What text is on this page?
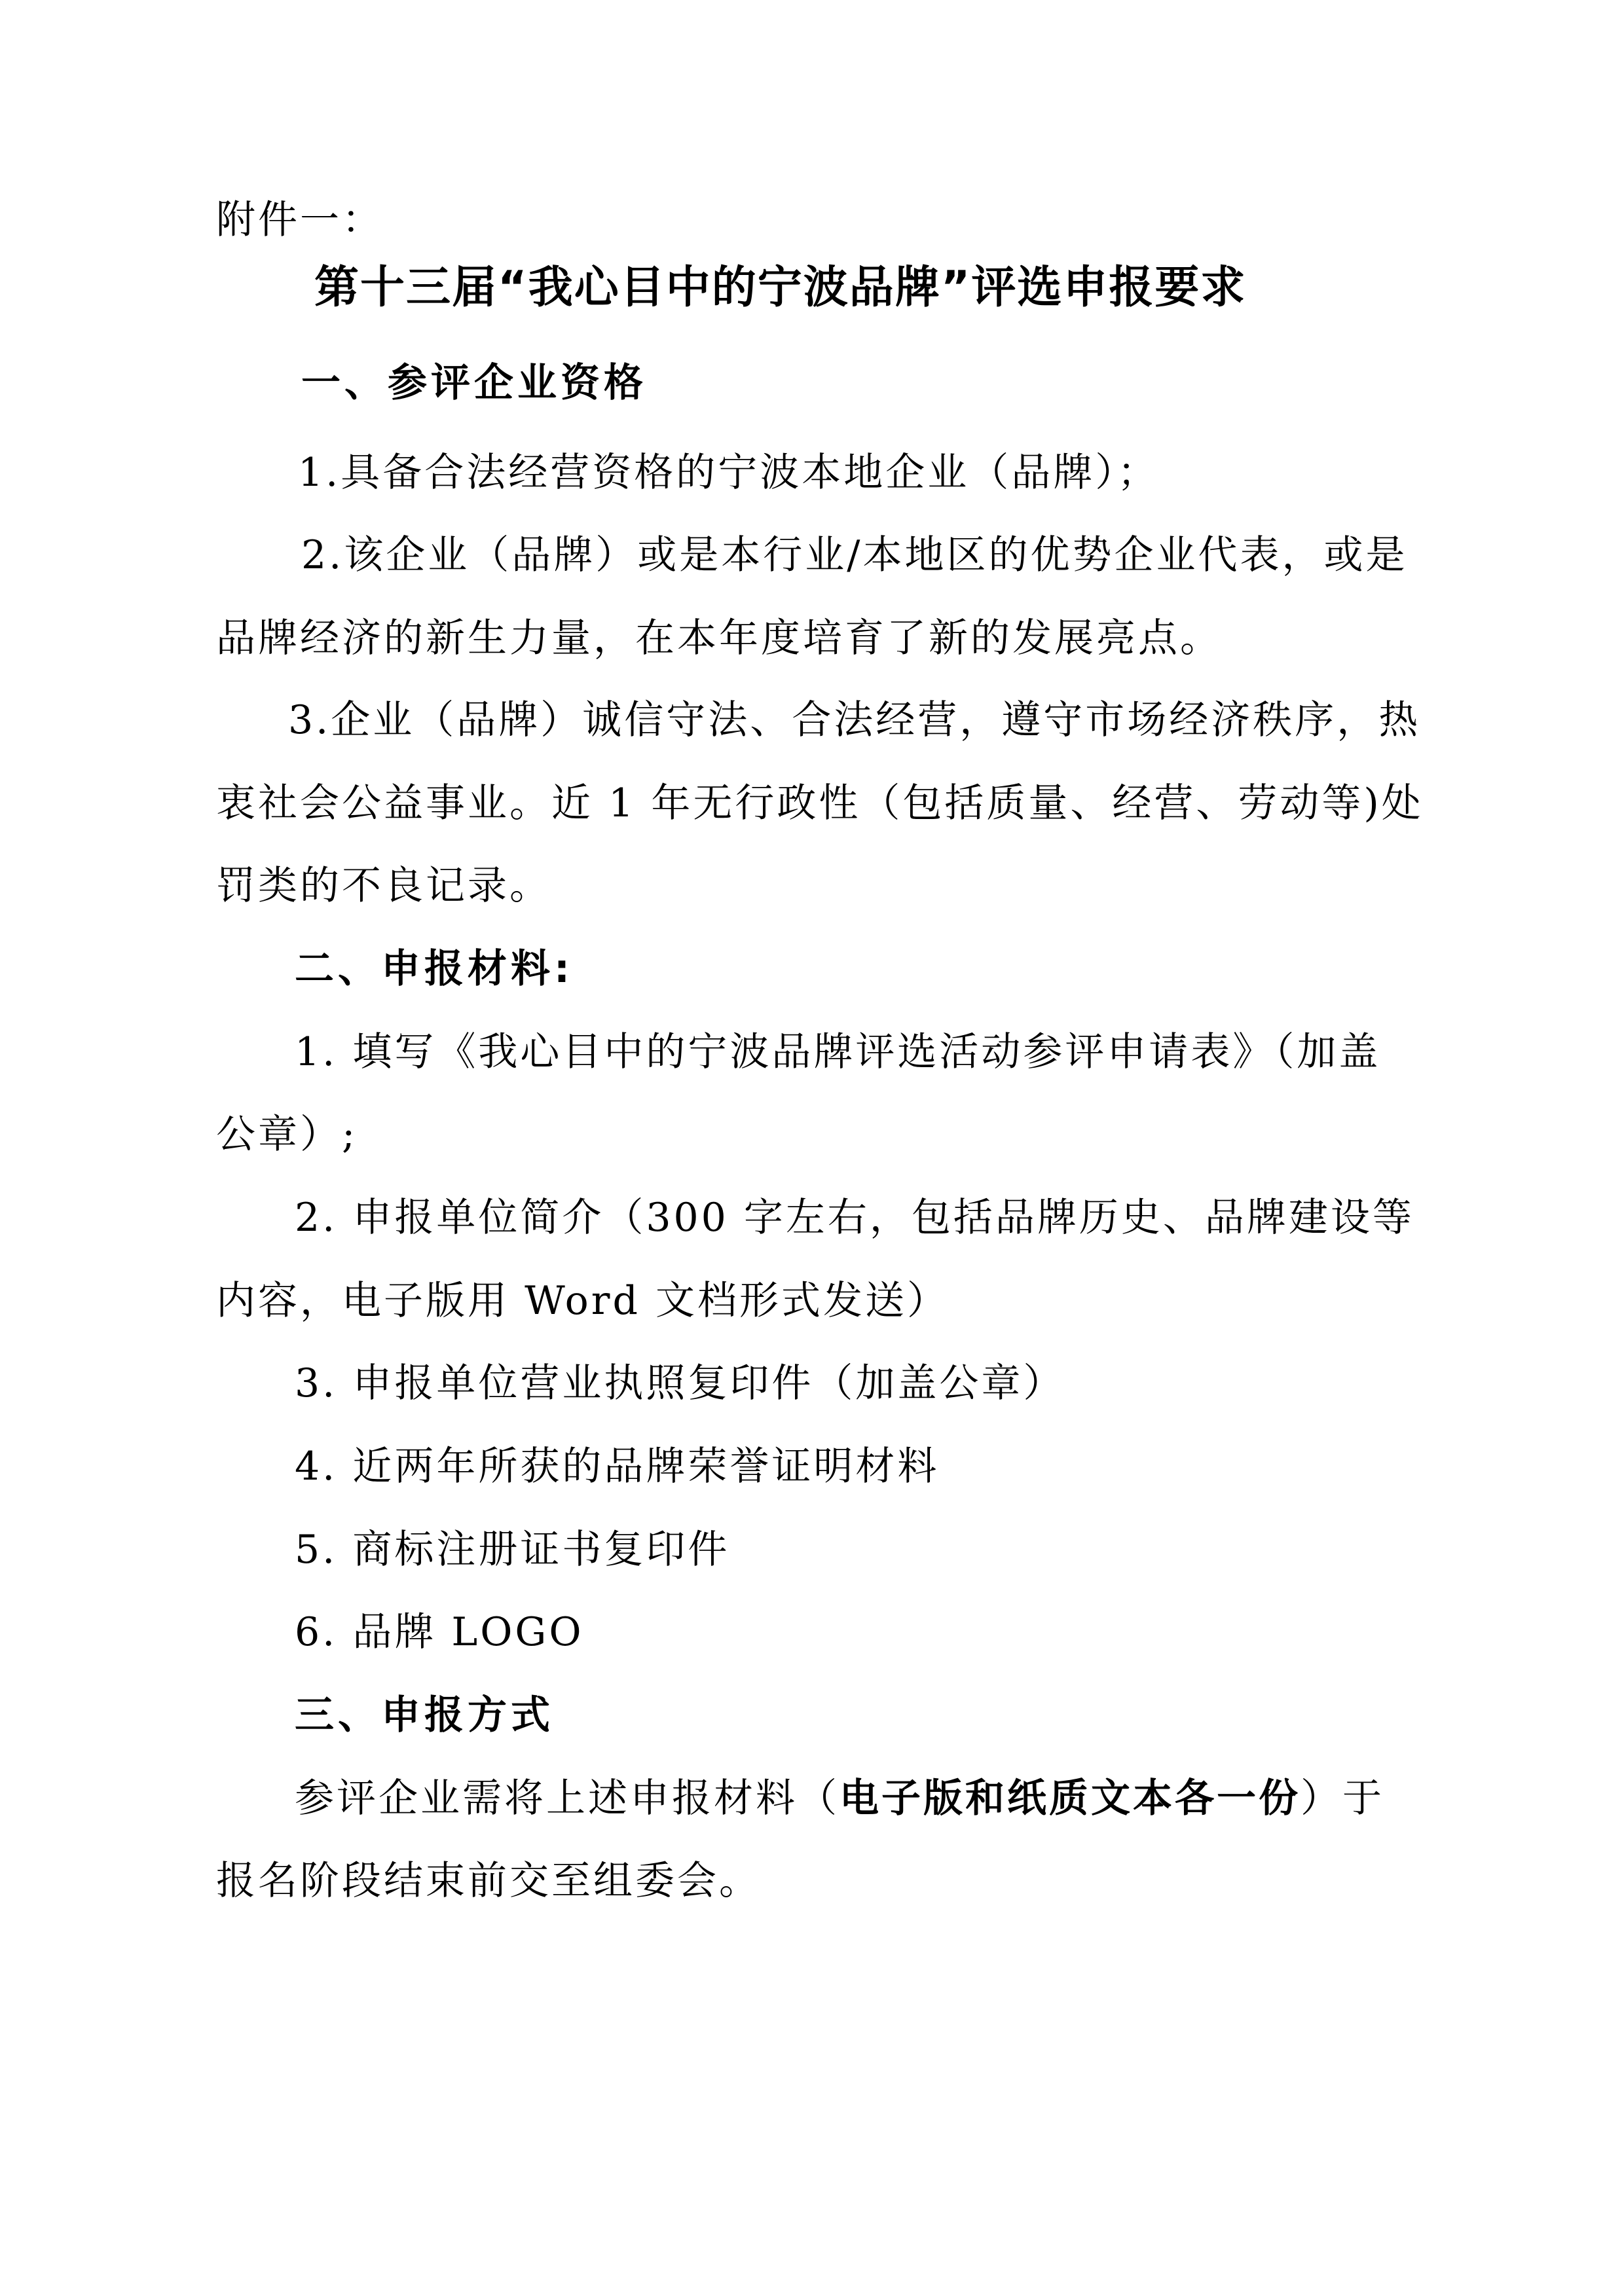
附件一：
第十三届“我心目中的宁波品牌”评选申报要求
一、参评企业资格
1.具备合法经营资格的宁波本地企业（品牌）；
2.该企业（品牌）或是本行业/本地区的优势企业代表，或是
品牌经济的新生力量，在本年度培育了新的发展亮点。
3.企业（品牌）诚信守法、合法经营，遵守市场经济秩序，热
衷社会公益事业。近 1 年无行政性（包括质量、经营、劳动等)处
罚类的不良记录。
二、申报材料:
1. 填写《我心目中的宁波品牌评选活动参评申请表》（加盖
公章）;
2. 申报单位简介（300 字左右，包括品牌历史、品牌建设等
内容，电子版用 Word 文档形式发送）
3. 申报单位营业执照复印件（加盖公章）
4. 近两年所获的品牌荣誉证明材料
5. 商标注册证书复印件
6. 品牌 LOGO
三、申报方式
参评企业需将上述申报材料（电子版和纸质文本各一份）于
报名阶段结束前交至组委会。
